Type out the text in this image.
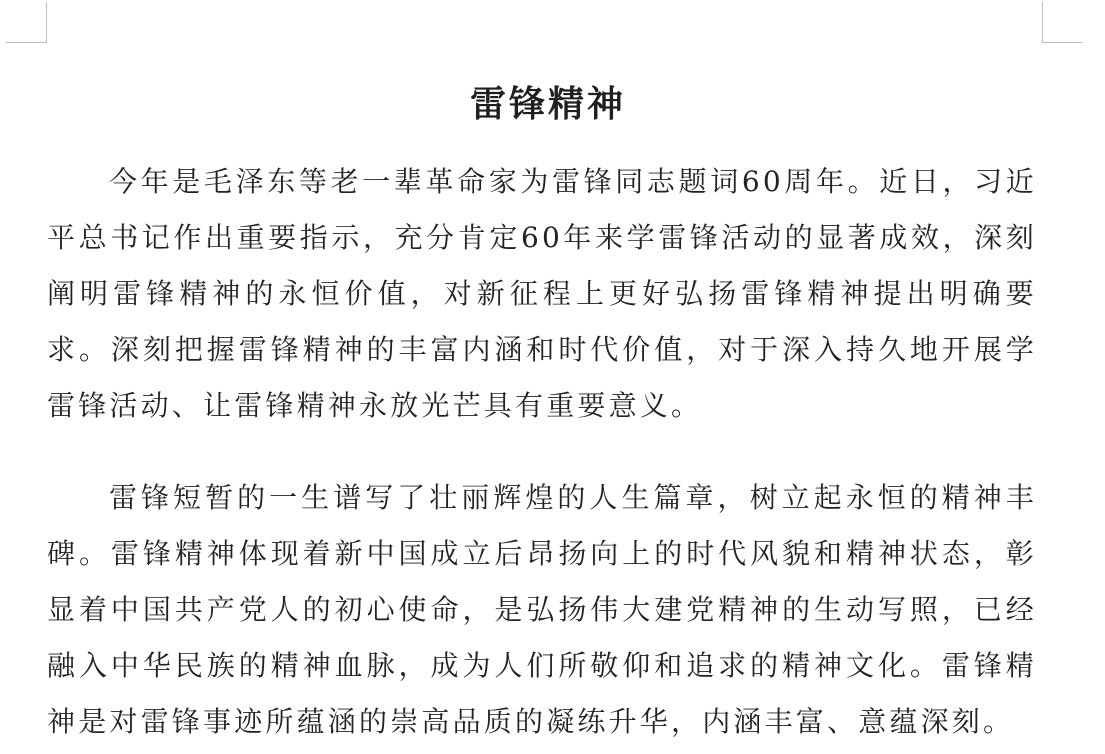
雷锋精神

今年是毛泽东等老一辈革命家为雷锋同志题词60周年。近日，习近平总书记作出重要指示，充分肯定60年来学雷锋活动的显著成效，深刻阐明雷锋精神的永恒价值，对新征程上更好弘扬雷锋精神提出明确要求。深刻把握雷锋精神的丰富内涵和时代价值，对于深入持久地开展学雷锋活动、让雷锋精神永放光芒具有重要意义。

雷锋短暂的一生谱写了壮丽辉煌的人生篇章，树立起永恒的精神丰碑。雷锋精神体现着新中国成立后昂扬向上的时代风貌和精神状态，彰显着中国共产党人的初心使命，是弘扬伟大建党精神的生动写照，已经融入中华民族的精神血脉，成为人们所敬仰和追求的精神文化。雷锋精神是对雷锋事迹所蕴涵的崇高品质的凝练升华，内涵丰富、意蕴深刻。
